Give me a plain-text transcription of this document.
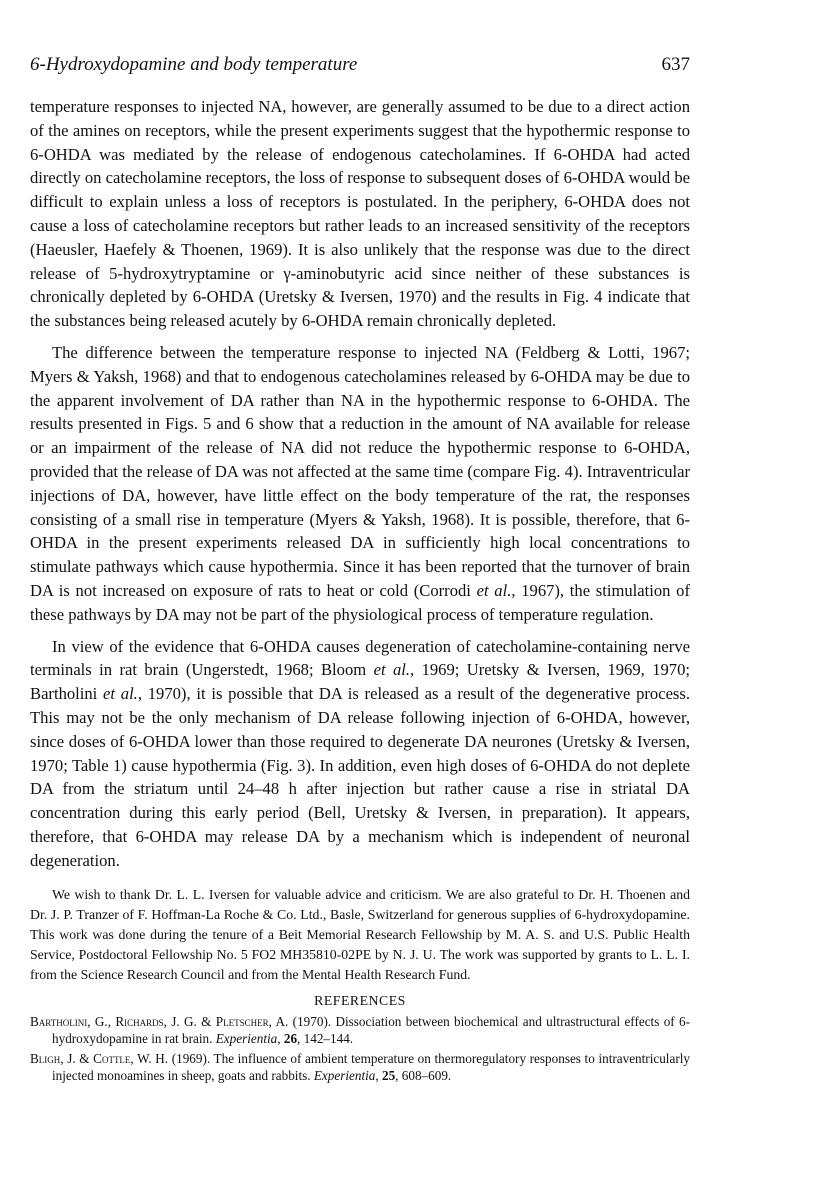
6-Hydroxydopamine and body temperature	637

temperature responses to injected NA, however, are generally assumed to be due to a direct action of the amines on receptors, while the present experiments suggest that the hypothermic response to 6-OHDA was mediated by the release of endogenous catecholamines. If 6-OHDA had acted directly on catecholamine receptors, the loss of response to subsequent doses of 6-OHDA would be difficult to explain unless a loss of receptors is postulated. In the periphery, 6-OHDA does not cause a loss of catecholamine receptors but rather leads to an increased sensitivity of the receptors (Haeusler, Haefely & Thoenen, 1969). It is also unlikely that the response was due to the direct release of 5-hydroxytryptamine or γ-aminobutyric acid since neither of these substances is chronically depleted by 6-OHDA (Uretsky & Iversen, 1970) and the results in Fig. 4 indicate that the substances being released acutely by 6-OHDA remain chronically depleted.

The difference between the temperature response to injected NA (Feldberg & Lotti, 1967; Myers & Yaksh, 1968) and that to endogenous catecholamines released by 6-OHDA may be due to the apparent involvement of DA rather than NA in the hypothermic response to 6-OHDA. The results presented in Figs. 5 and 6 show that a reduction in the amount of NA available for release or an impairment of the release of NA did not reduce the hypothermic response to 6-OHDA, provided that the release of DA was not affected at the same time (compare Fig. 4). Intraventricular injections of DA, however, have little effect on the body temperature of the rat, the responses consisting of a small rise in temperature (Myers & Yaksh, 1968). It is possible, therefore, that 6-OHDA in the present experiments released DA in sufficiently high local concentrations to stimulate pathways which cause hypothermia. Since it has been reported that the turnover of brain DA is not increased on exposure of rats to heat or cold (Corrodi et al., 1967), the stimulation of these pathways by DA may not be part of the physiological process of temperature regulation.

In view of the evidence that 6-OHDA causes degeneration of catecholamine-containing nerve terminals in rat brain (Ungerstedt, 1968; Bloom et al., 1969; Uretsky & Iversen, 1969, 1970; Bartholini et al., 1970), it is possible that DA is released as a result of the degenerative process. This may not be the only mechanism of DA release following injection of 6-OHDA, however, since doses of 6-OHDA lower than those required to degenerate DA neurones (Uretsky & Iversen, 1970; Table 1) cause hypothermia (Fig. 3). In addition, even high doses of 6-OHDA do not deplete DA from the striatum until 24–48 h after injection but rather cause a rise in striatal DA concentration during this early period (Bell, Uretsky & Iversen, in preparation). It appears, therefore, that 6-OHDA may release DA by a mechanism which is independent of neuronal degeneration.

We wish to thank Dr. L. L. Iversen for valuable advice and criticism. We are also grateful to Dr. H. Thoenen and Dr. J. P. Tranzer of F. Hoffman-La Roche & Co. Ltd., Basle, Switzerland for generous supplies of 6-hydroxydopamine. This work was done during the tenure of a Beit Memorial Research Fellowship by M. A. S. and U.S. Public Health Service, Postdoctoral Fellowship No. 5 FO2 MH35810-02PE by N. J. U. The work was supported by grants to L. L. I. from the Science Research Council and from the Mental Health Research Fund.

REFERENCES

Bartholini, G., Richards, J. G. & Pletscher, A. (1970). Dissociation between biochemical and ultrastructural effects of 6-hydroxydopamine in rat brain. Experientia, 26, 142–144.

Bligh, J. & Cottle, W. H. (1969). The influence of ambient temperature on thermoregulatory responses to intraventricularly injected monoamines in sheep, goats and rabbits. Experientia, 25, 608–609.
